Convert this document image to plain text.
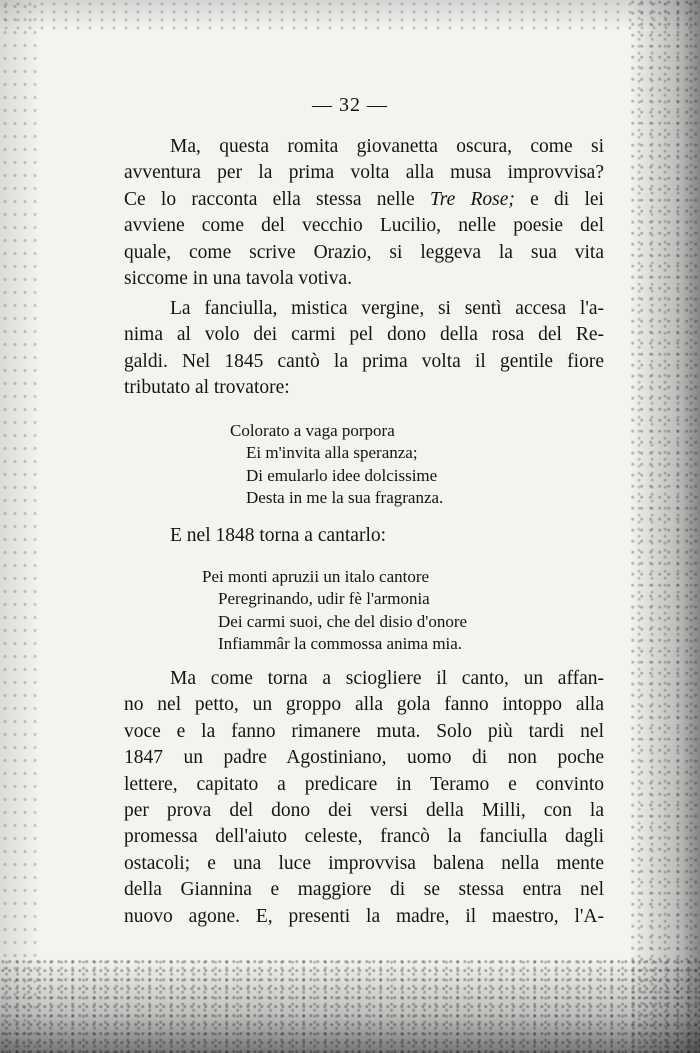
— 32 —
Ma, questa romita giovanetta oscura, come si
avventura per la prima volta alla musa improvvisa?
Ce lo racconta ella stessa nelle Tre Rose; e di lei
avviene come del vecchio Lucilio, nelle poesie del
quale, come scrive Orazio, si leggeva la sua vita
siccome in una tavola votiva.
La fanciulla, mistica vergine, si sentì accesa l'a-
nima al volo dei carmi pel dono della rosa del Re-
galdi. Nel 1845 cantò la prima volta il gentile fiore
tributato al trovatore:
Colorato a vaga porpora
Ei m'invita alla speranza;
Di emularlo idee dolcissime
Desta in me la sua fragranza.
E nel 1848 torna a cantarlo:
Pei monti apruzii un italo cantore
Peregrinando, udir fè l'armonia
Dei carmi suoi, che del disio d'onore
Infiammâr la commossa anima mia.
Ma come torna a sciogliere il canto, un affan-
no nel petto, un groppo alla gola fanno intoppo alla
voce e la fanno rimanere muta. Solo più tardi nel
1847 un padre Agostiniano, uomo di non poche
lettere, capitato a predicare in Teramo e convinto
per prova del dono dei versi della Milli, con la
promessa dell'aiuto celeste, francò la fanciulla dagli
ostacoli; e una luce improvvisa balena nella mente
della Giannina e maggiore di se stessa entra nel
nuovo agone. E, presenti la madre, il maestro, l'A-
